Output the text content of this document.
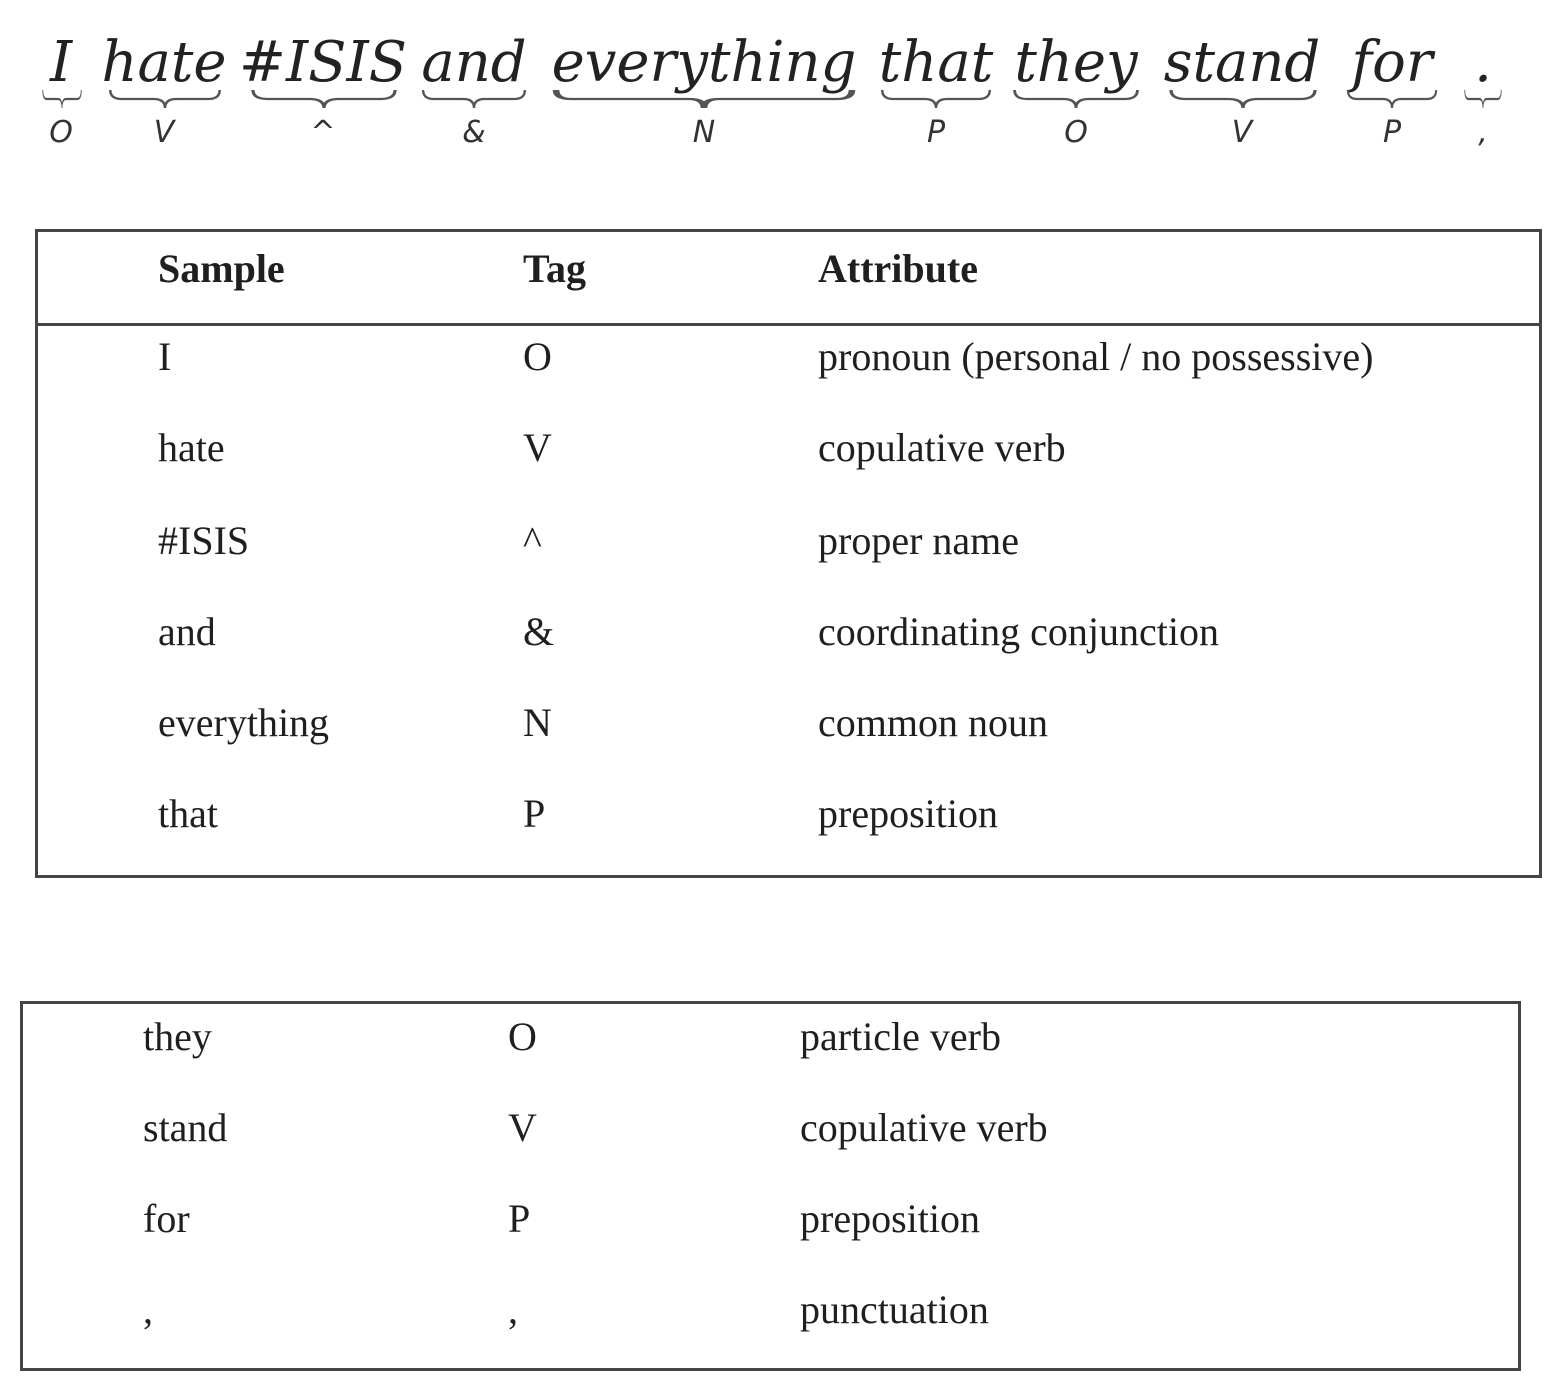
I
O
hate
V
#ISIS
^
and
&
everything
N
that
P
they
O
stand
V
for
P
.
,
Sample	Tag	Attribute
I	O	pronoun (personal / no possessive)
hate	V	copulative verb
#ISIS	^	proper name
and	&	coordinating conjunction
everything	N	common noun
that	P	preposition
they	O	particle verb
stand	V	copulative verb
for	P	preposition
,	,	punctuation
